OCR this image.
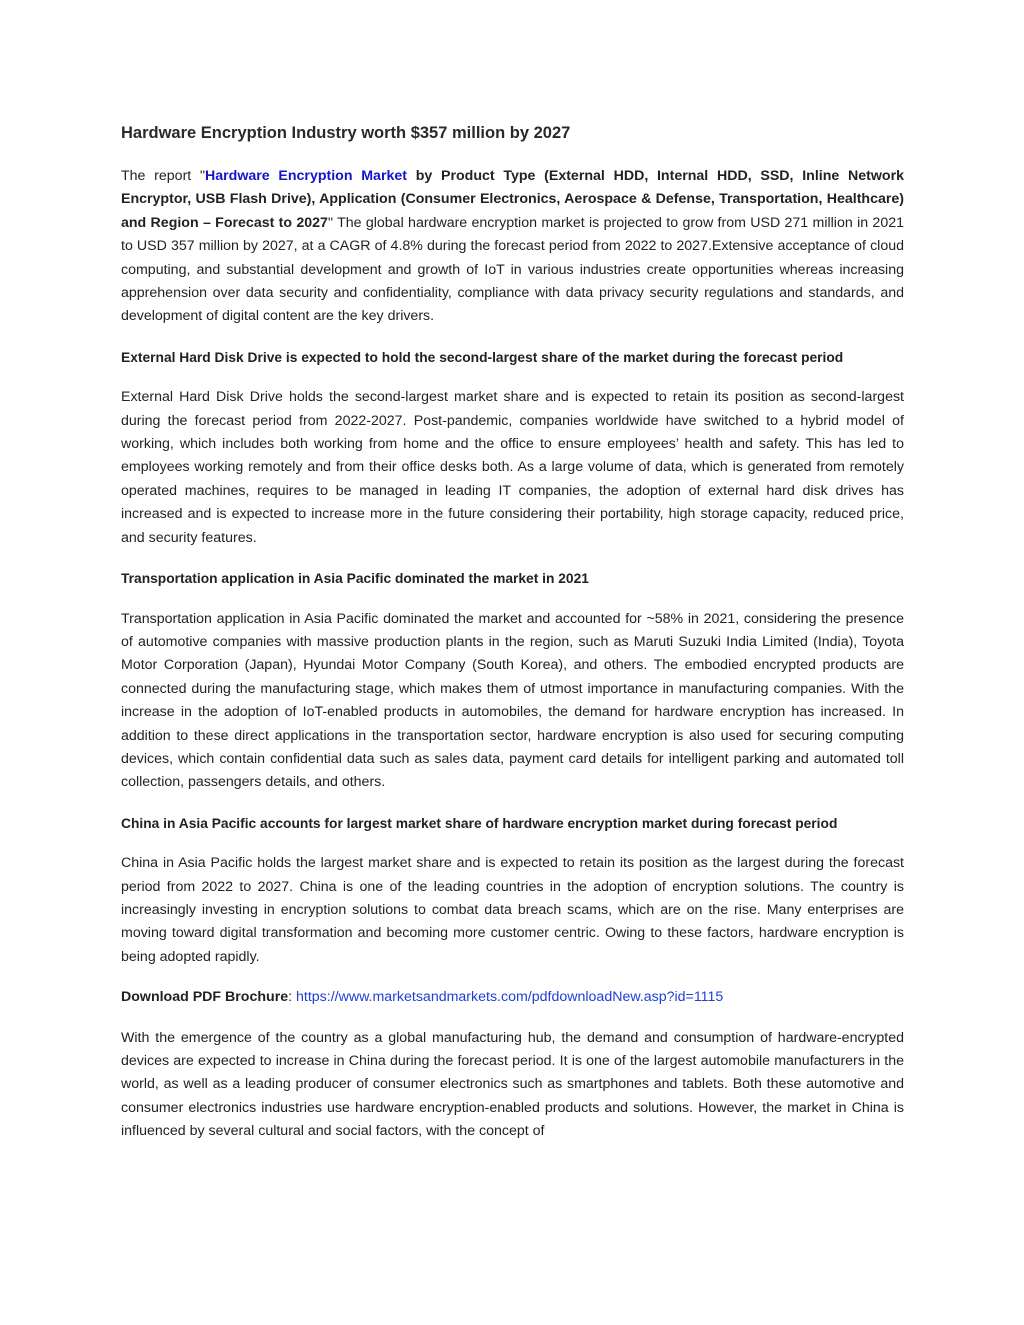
Hardware Encryption Industry worth $357 million by 2027

The report "Hardware Encryption Market by Product Type (External HDD, Internal HDD, SSD, Inline Network Encryptor, USB Flash Drive), Application (Consumer Electronics, Aerospace & Defense, Transportation, Healthcare) and Region – Forecast to 2027" The global hardware encryption market is projected to grow from USD 271 million in 2021 to USD 357 million by 2027, at a CAGR of 4.8% during the forecast period from 2022 to 2027.Extensive acceptance of cloud computing, and substantial development and growth of IoT in various industries create opportunities whereas increasing apprehension over data security and confidentiality, compliance with data privacy security regulations and standards, and development of digital content are the key drivers.

External Hard Disk Drive is expected to hold the second-largest share of the market during the forecast period

External Hard Disk Drive holds the second-largest market share and is expected to retain its position as second-largest during the forecast period from 2022-2027. Post-pandemic, companies worldwide have switched to a hybrid model of working, which includes both working from home and the office to ensure employees’ health and safety. This has led to employees working remotely and from their office desks both. As a large volume of data, which is generated from remotely operated machines, requires to be managed in leading IT companies, the adoption of external hard disk drives has increased and is expected to increase more in the future considering their portability, high storage capacity, reduced price, and security features.

Transportation application in Asia Pacific dominated the market in 2021

Transportation application in Asia Pacific dominated the market and accounted for ~58% in 2021, considering the presence of automotive companies with massive production plants in the region, such as Maruti Suzuki India Limited (India), Toyota Motor Corporation (Japan), Hyundai Motor Company (South Korea), and others. The embodied encrypted products are connected during the manufacturing stage, which makes them of utmost importance in manufacturing companies. With the increase in the adoption of IoT-enabled products in automobiles, the demand for hardware encryption has increased. In addition to these direct applications in the transportation sector, hardware encryption is also used for securing computing devices, which contain confidential data such as sales data, payment card details for intelligent parking and automated toll collection, passengers details, and others.

China in Asia Pacific accounts for largest market share of hardware encryption market during forecast period

China in Asia Pacific holds the largest market share and is expected to retain its position as the largest during the forecast period from 2022 to 2027. China is one of the leading countries in the adoption of encryption solutions. The country is increasingly investing in encryption solutions to combat data breach scams, which are on the rise. Many enterprises are moving toward digital transformation and becoming more customer centric. Owing to these factors, hardware encryption is being adopted rapidly.

Download PDF Brochure: https://www.marketsandmarkets.com/pdfdownloadNew.asp?id=1115

With the emergence of the country as a global manufacturing hub, the demand and consumption of hardware-encrypted devices are expected to increase in China during the forecast period. It is one of the largest automobile manufacturers in the world, as well as a leading producer of consumer electronics such as smartphones and tablets. Both these automotive and consumer electronics industries use hardware encryption-enabled products and solutions. However, the market in China is influenced by several cultural and social factors, with the concept of
